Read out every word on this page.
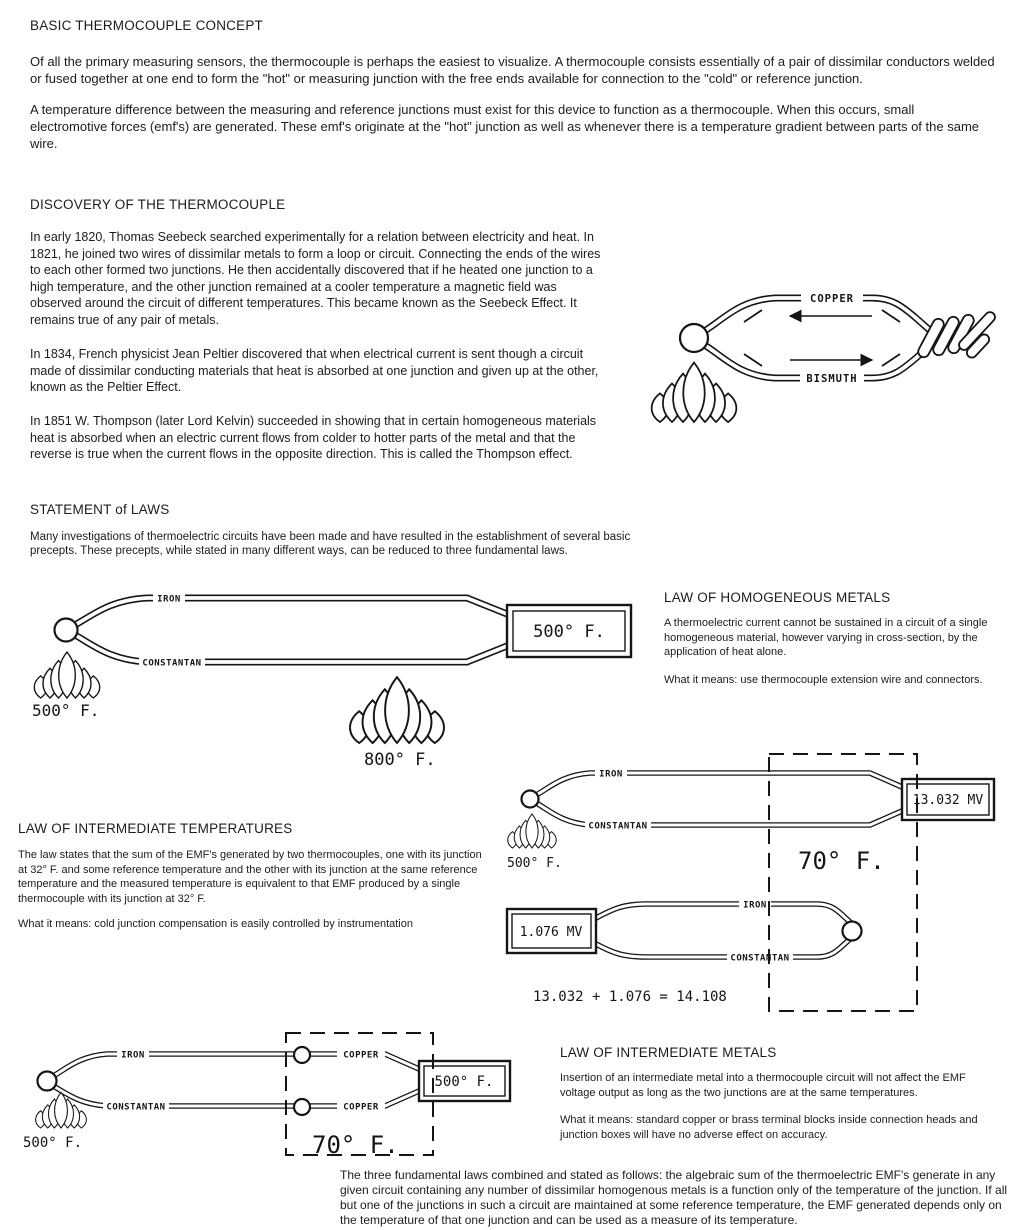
BASIC THERMOCOUPLE CONCEPT
Of all the primary measuring sensors, the thermocouple is perhaps the easiest to visualize. A thermocouple consists essentially of a pair of dissimilar conductors welded or fused together at one end to form the "hot" or measuring junction with the free ends available for connection to the "cold" or reference junction.
A temperature difference between the measuring and reference junctions must exist for this device to function as a thermocouple. When this occurs, small electromotive forces (emf's) are generated. These emf's originate at the "hot" junction as well as whenever there is a temperature gradient between parts of the same wire.
DISCOVERY OF THE THERMOCOUPLE
In early 1820, Thomas Seebeck searched experimentally for a relation between electricity and heat. In 1821, he joined two wires of dissimilar metals to form a loop or circuit. Connecting the ends of the wires to each other formed two junctions. He then accidentally discovered that if he heated one junction to a high temperature, and the other junction remained at a cooler temperature a magnetic field was observed around the circuit of different temperatures. This became known as the Seebeck Effect. It remains true of any pair of metals.
In 1834, French physicist Jean Peltier discovered that when electrical current is sent though a circuit made of dissimilar conducting materials that heat is absorbed at one junction and given up at the other, known as the Peltier Effect.
In 1851 W. Thompson (later Lord Kelvin) succeeded in showing that in certain homogeneous materials heat is absorbed when an electric current flows from colder to hotter parts of the metal and that the reverse is true when the current flows in the opposite direction. This is called the Thompson effect.
STATEMENT of LAWS
Many investigations of thermoelectric circuits have been made and have resulted in the establishment of several basic precepts. These precepts, while stated in many different ways, can be reduced to three fundamental laws.
LAW OF HOMOGENEOUS METALS
A thermoelectric current cannot be sustained in a circuit of a single homogeneous material, however varying in cross-section, by the application of heat alone.
What it means: use thermocouple extension wire and connectors.
LAW OF INTERMEDIATE TEMPERATURES
The law states that the sum of the EMF's generated by two thermocouples, one with its junction at 32° F. and some reference temperature and the other with its junction at the same reference temperature and the measured temperature is equivalent to that EMF produced by a single thermocouple with its junction at 32° F.
What it means: cold junction compensation is easily controlled by instrumentation
LAW OF INTERMEDIATE METALS
Insertion of an intermediate metal into a thermocouple circuit will not affect the EMF voltage output as long as the two junctions are at the same temperatures.
What it means: standard copper or brass terminal blocks inside connection heads and junction boxes will have no adverse effect on accuracy.
The three fundamental laws combined and stated as follows: the algebraic sum of the thermoelectric EMF's generate in any given circuit containing any number of dissimilar homogenous metals is a function only of the temperature of the junction. If all but one of the junctions in such a circuit are maintained at some reference temperature, the EMF generated depends only on the temperature of that one junction and can be used as a measure of its temperature.
COPPER
BISMUTH
IRON
CONSTANTAN
500° F.
500° F.
800° F.
IRON
CONSTANTAN
13.032 MV
500° F.
IRON
CONSTANTAN
1.076 MV
70° F.
13.032 + 1.076 = 14.108
IRON
CONSTANTAN
COPPER
COPPER
500° F.
500° F.	70° F.
